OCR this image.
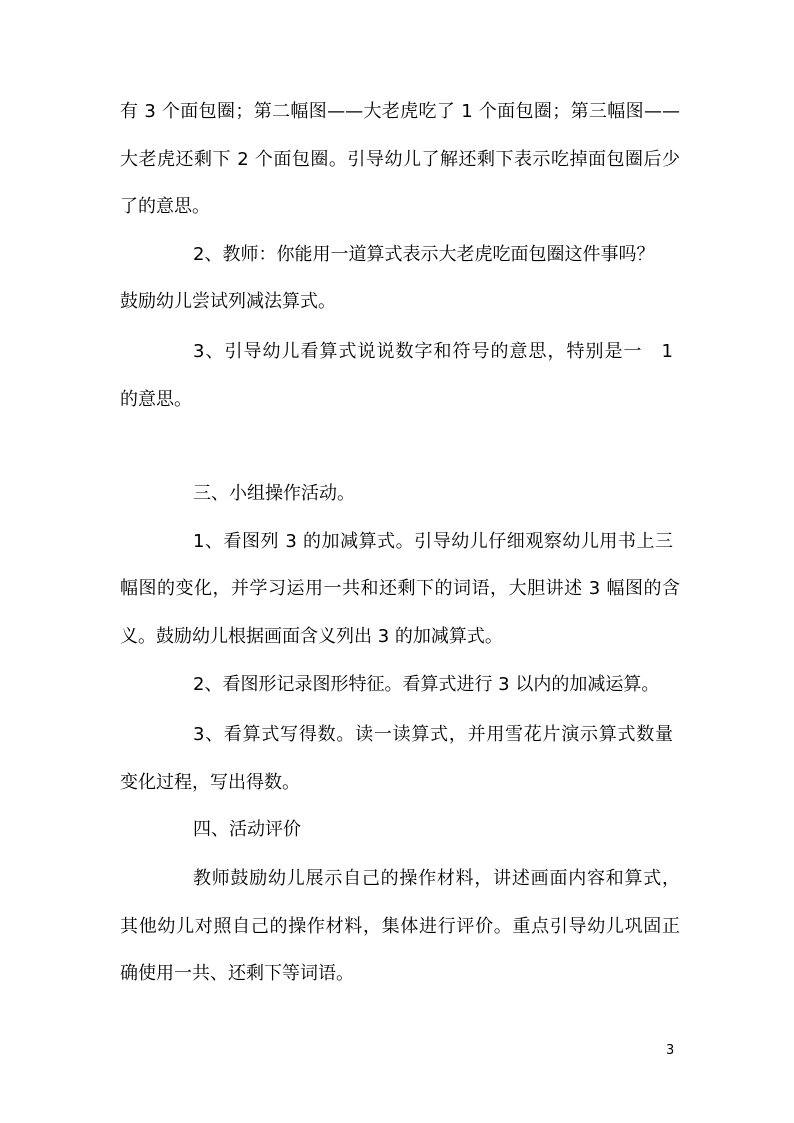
有 3 个面包圈；第二幅图——大老虎吃了 1 个面包圈；第三幅图——
大老虎还剩下 2 个面包圈。引导幼儿了解还剩下表示吃掉面包圈后少
了的意思。
2、教师：你能用一道算式表示大老虎吃面包圈这件事吗？
鼓励幼儿尝试列减法算式。
3、引导幼儿看算式说说数字和符号的意思，特别是一　1
的意思。
三、小组操作活动。
1、看图列 3 的加减算式。引导幼儿仔细观察幼儿用书上三
幅图的变化，并学习运用一共和还剩下的词语，大胆讲述 3 幅图的含
义。鼓励幼儿根据画面含义列出 3 的加减算式。
2、看图形记录图形特征。看算式进行 3 以内的加减运算。
3、看算式写得数。读一读算式，并用雪花片演示算式数量
变化过程，写出得数。
四、活动评价
教师鼓励幼儿展示自己的操作材料，讲述画面内容和算式，
其他幼儿对照自己的操作材料，集体进行评价。重点引导幼儿巩固正
确使用一共、还剩下等词语。
3
